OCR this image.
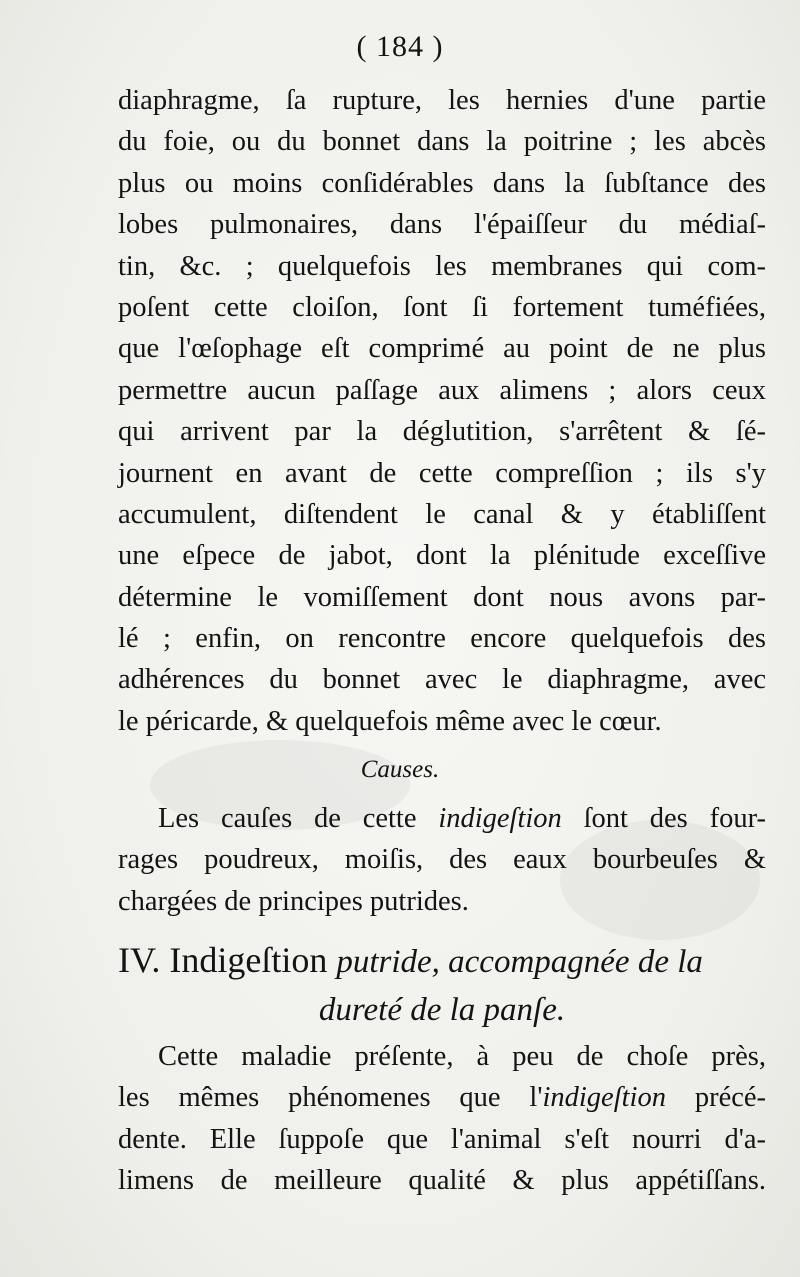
( 184 )
diaphragme, ſa rupture, les hernies d'une partie
du foie, ou du bonnet dans la poitrine ; les abcès
plus ou moins conſidérables dans la ſubſtance des
lobes pulmonaires, dans l'épaiſſeur du médiaſ-
tin, &c. ; quelquefois les membranes qui com-
poſent cette cloiſon, ſont ſi fortement tuméfiées,
que l'œſophage eſt comprimé au point de ne plus
permettre aucun paſſage aux alimens ; alors ceux
qui arrivent par la déglutition, s'arrêtent & ſé-
journent en avant de cette compreſſion ; ils s'y
accumulent, diſtendent le canal & y établiſſent
une eſpece de jabot, dont la plénitude exceſſive
détermine le vomiſſement dont nous avons par-
lé ; enfin, on rencontre encore quelquefois des
adhérences du bonnet avec le diaphragme, avec
le péricarde, & quelquefois même avec le cœur.
Causes.
Les cauſes de cette indigeſtion ſont des four-
rages poudreux, moiſis, des eaux bourbeuſes &
chargées de principes putrides.
IV. Indigeſtion putride, accompagnée de la
dureté de la panſe.
Cette maladie préſente, à peu de choſe près,
les mêmes phénomenes que l'indigeſtion précé-
dente. Elle ſuppoſe que l'animal s'eſt nourri d'a-
limens de meilleure qualité & plus appétiſſans.
